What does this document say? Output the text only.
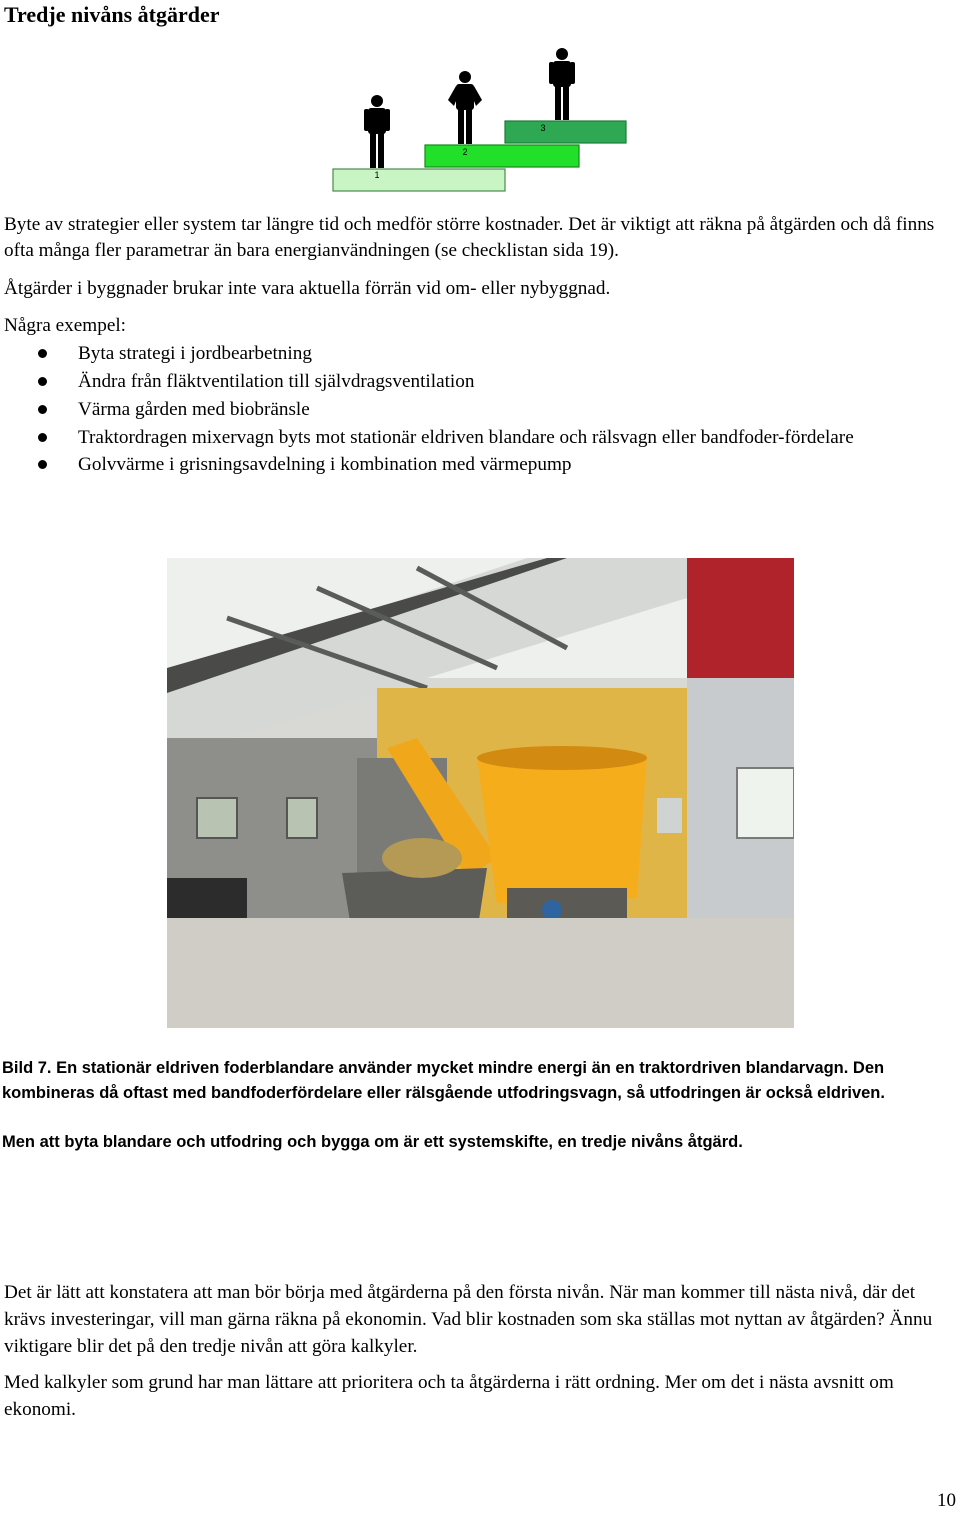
Tredje nivåns åtgärder
1
2
3

Byte av strategier eller system tar längre tid och medför större kostnader. Det är viktigt att räkna på åtgärden och då finns ofta många fler parametrar än bara energianvändningen (se checklistan sida 19).

Åtgärder i byggnader brukar inte vara aktuella förrän vid om- eller nybyggnad.

Några exempel:

Byta strategi i jordbearbetning
Ändra från fläktventilation till självdragsventilation
Värma gården med biobränsle
Traktordragen mixervagn byts mot stationär eldriven blandare och rälsvagn eller bandfoder-fördelare
Golvvärme i grisningsavdelning i kombination med värmepump

Bild 7. En stationär eldriven foderblandare använder mycket mindre energi än en traktordriven blandarvagn. Den kombineras då oftast med bandfoderfördelare eller rälsgående utfodringsvagn, så utfodringen är också eldriven.

Men att byta blandare och utfodring och bygga om är ett systemskifte, en tredje nivåns åtgärd.

Det är lätt att konstatera att man bör börja med åtgärderna på den första nivån. När man kommer till nästa nivå, där det krävs investeringar, vill man gärna räkna på ekonomin. Vad blir kostnaden som ska ställas mot nyttan av åtgärden? Ännu viktigare blir det på den tredje nivån att göra kalkyler.

Med kalkyler som grund har man lättare att prioritera och ta åtgärderna i rätt ordning. Mer om det i nästa avsnitt om ekonomi.

10
